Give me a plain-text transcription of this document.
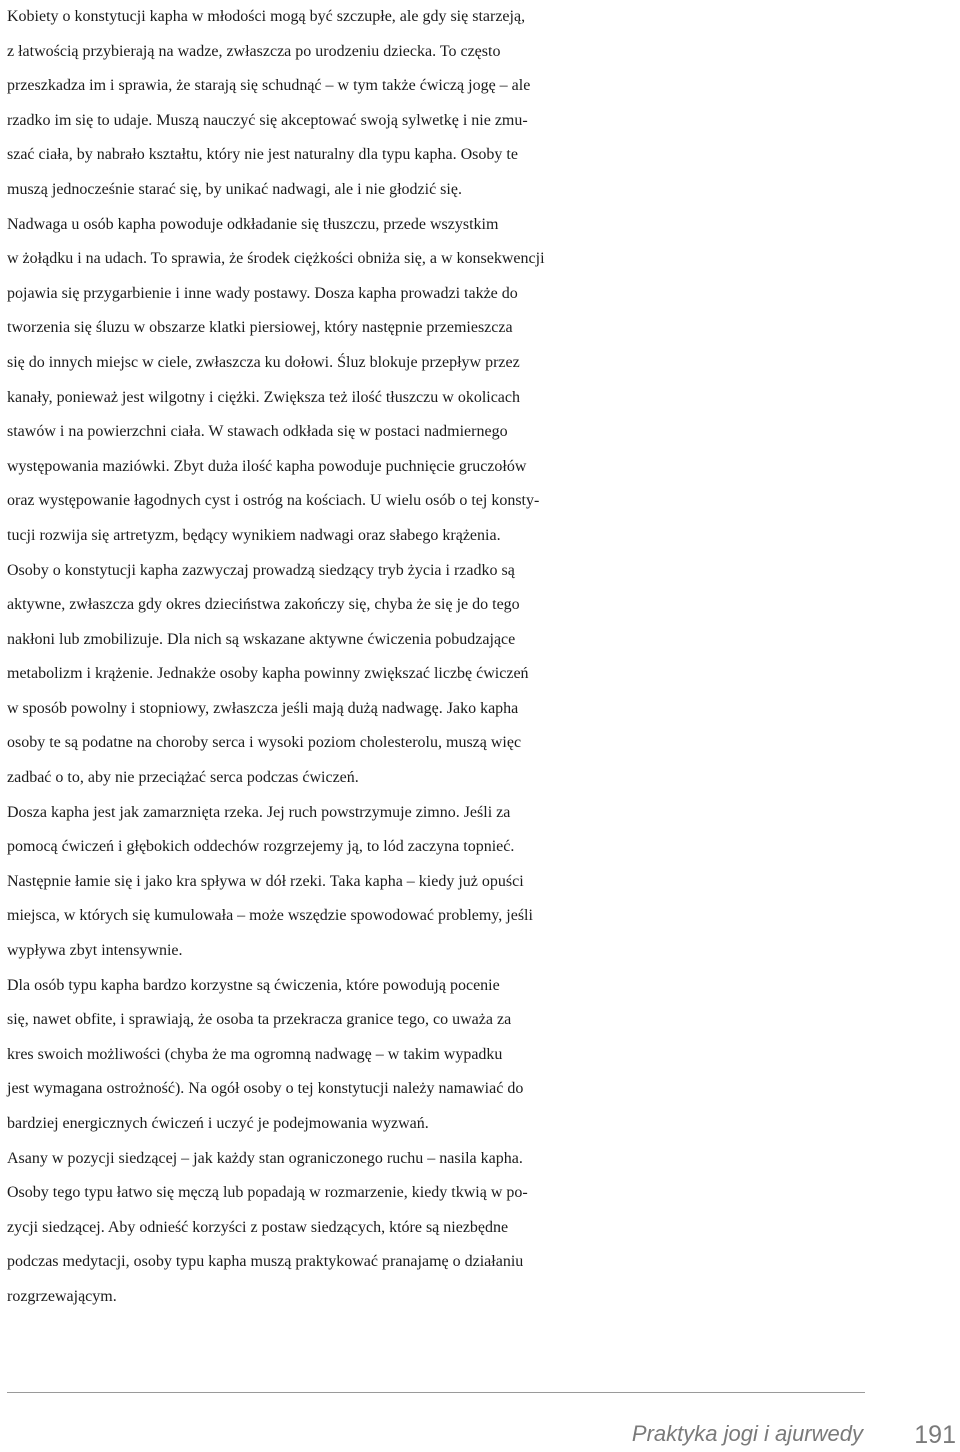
Kobiety o konstytucji kapha w młodości mogą być szczupłe, ale gdy się starzeją,
z łatwością przybierają na wadze, zwłaszcza po urodzeniu dziecka. To często
przeszkadza im i sprawia, że starają się schudnąć – w tym także ćwiczą jogę – ale
rzadko im się to udaje. Muszą nauczyć się akceptować swoją sylwetkę i nie zmu-
szać ciała, by nabrało kształtu, który nie jest naturalny dla typu kapha. Osoby te
muszą jednocześnie starać się, by unikać nadwagi, ale i nie głodzić się.
Nadwaga u osób kapha powoduje odkładanie się tłuszczu, przede wszystkim
w żołądku i na udach. To sprawia, że środek ciężkości obniża się, a w konsekwencji
pojawia się przygarbienie i inne wady postawy. Dosza kapha prowadzi także do
tworzenia się śluzu w obszarze klatki piersiowej, który następnie przemieszcza
się do innych miejsc w ciele, zwłaszcza ku dołowi. Śluz blokuje przepływ przez
kanały, ponieważ jest wilgotny i ciężki. Zwiększa też ilość tłuszczu w okolicach
stawów i na powierzchni ciała. W stawach odkłada się w postaci nadmiernego
występowania maziówki. Zbyt duża ilość kapha powoduje puchnięcie gruczołów
oraz występowanie łagodnych cyst i ostróg na kościach. U wielu osób o tej konsty-
tucji rozwija się artretyzm, będący wynikiem nadwagi oraz słabego krążenia.
Osoby o konstytucji kapha zazwyczaj prowadzą siedzący tryb życia i rzadko są
aktywne, zwłaszcza gdy okres dzieciństwa zakończy się, chyba że się je do tego
nakłoni lub zmobilizuje. Dla nich są wskazane aktywne ćwiczenia pobudzające
metabolizm i krążenie. Jednakże osoby kapha powinny zwiększać liczbę ćwiczeń
w sposób powolny i stopniowy, zwłaszcza jeśli mają dużą nadwagę. Jako kapha
osoby te są podatne na choroby serca i wysoki poziom cholesterolu, muszą więc
zadbać o to, aby nie przeciążać serca podczas ćwiczeń.
Dosza kapha jest jak zamarznięta rzeka. Jej ruch powstrzymuje zimno. Jeśli za
pomocą ćwiczeń i głębokich oddechów rozgrzejemy ją, to lód zaczyna topnieć.
Następnie łamie się i jako kra spływa w dół rzeki. Taka kapha – kiedy już opuści
miejsca, w których się kumulowała – może wszędzie spowodować problemy, jeśli
wypływa zbyt intensywnie.
Dla osób typu kapha bardzo korzystne są ćwiczenia, które powodują pocenie
się, nawet obfite, i sprawiają, że osoba ta przekracza granice tego, co uważa za
kres swoich możliwości (chyba że ma ogromną nadwagę – w takim wypadku
jest wymagana ostrożność). Na ogół osoby o tej konstytucji należy namawiać do
bardziej energicznych ćwiczeń i uczyć je podejmowania wyzwań.
Asany w pozycji siedzącej – jak każdy stan ograniczonego ruchu – nasila kapha.
Osoby tego typu łatwo się męczą lub popadają w rozmarzenie, kiedy tkwią w po-
zycji siedzącej. Aby odnieść korzyści z postaw siedzących, które są niezbędne
podczas medytacji, osoby typu kapha muszą praktykować pranajamę o działaniu
rozgrzewającym.
Praktyka jogi i ajurwedy 191
